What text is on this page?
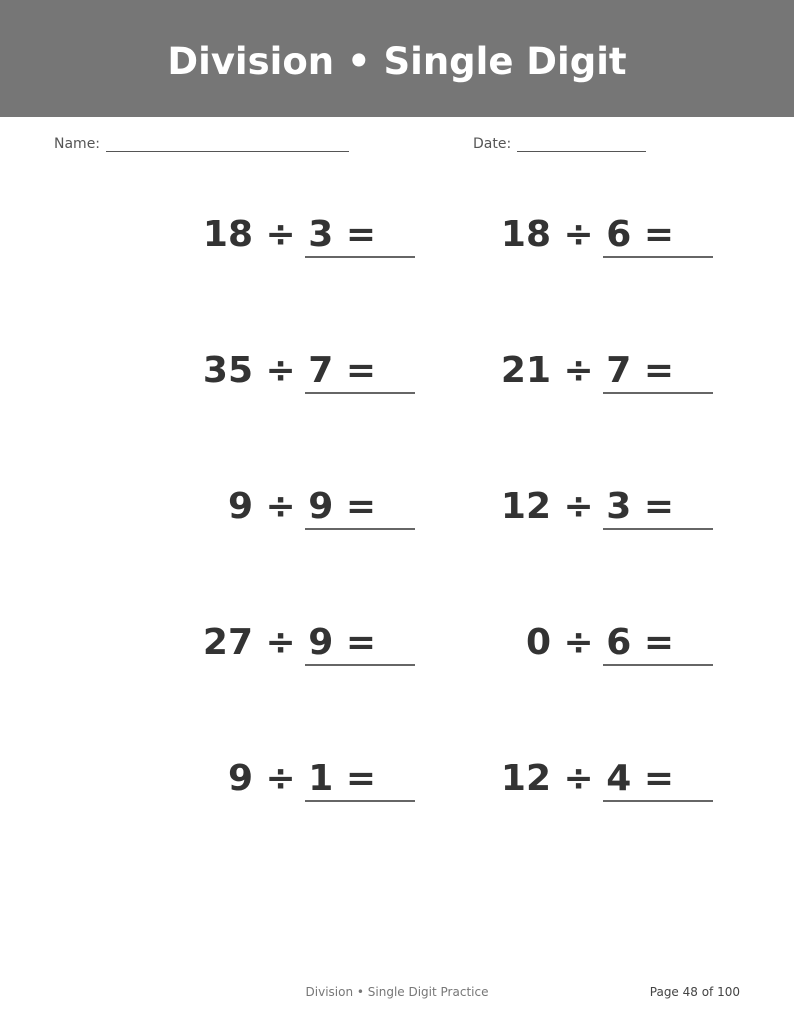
Division • Single Digit
Name:	Date:
18 ÷ 3 =	18 ÷ 6 =
35 ÷ 7 =	21 ÷ 7 =
9 ÷ 9 =	12 ÷ 3 =
27 ÷ 9 =	0 ÷ 6 =
9 ÷ 1 =	12 ÷ 4 =
Division • Single Digit Practice	Page 48 of 100
